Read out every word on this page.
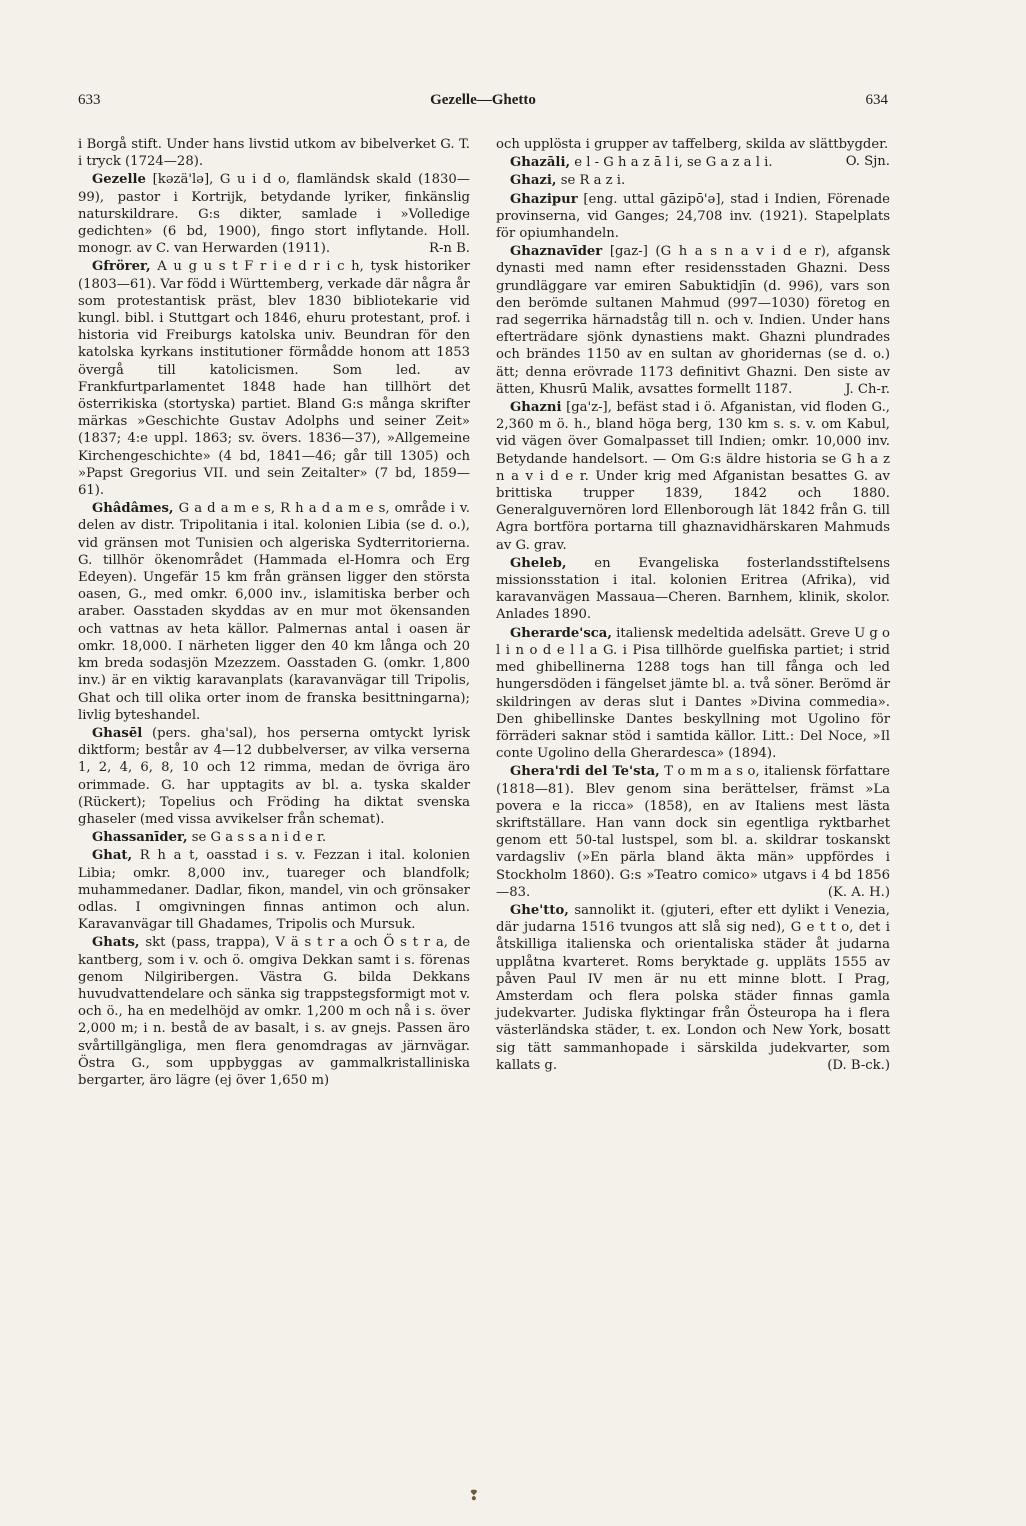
633	Gezelle—Ghetto	634

i Borgå stift. Under hans livstid utkom av bibelverket G. T. i tryck (1724—28).

Gezelle [kəzä'lə], G u i d o, flamländsk skald (1830—99), pastor i Kortrijk, betydande lyriker, finkänslig naturskildrare. G:s dikter, samlade i »Volledige gedichten» (6 bd, 1900), fingo stort inflytande. Holl. monogr. av C. van Herwarden (1911).	R-n B.

Gfrörer, A u g u s t F r i e d r i c h, tysk historiker (1803—61). Var född i Württemberg, verkade där några år som protestantisk präst, blev 1830 bibliotekarie vid kungl. bibl. i Stuttgart och 1846, ehuru protestant, prof. i historia vid Freiburgs katolska univ. Beundran för den katolska kyrkans institutioner förmådde honom att 1853 övergå till katolicismen. Som led. av Frankfurtparlamentet 1848 hade han tillhört det österrikiska (stortyska) partiet. Bland G:s många skrifter märkas »Geschichte Gustav Adolphs und seiner Zeit» (1837; 4:e uppl. 1863; sv. övers. 1836—37), »Allgemeine Kirchengeschichte» (4 bd, 1841—46; går till 1305) och »Papst Gregorius VII. und sein Zeitalter» (7 bd, 1859—61).

Ghâdâmes, G a d a m e s, R h a d a m e s, område i v. delen av distr. Tripolitania i ital. kolonien Libia (se d. o.), vid gränsen mot Tunisien och algeriska Sydterritorierna. G. tillhör ökenområdet (Hammada el-Homra och Erg Edeyen). Ungefär 15 km från gränsen ligger den största oasen, G., med omkr. 6,000 inv., islamitiska berber och araber. Oasstaden skyddas av en mur mot ökensanden och vattnas av heta källor. Palmernas antal i oasen är omkr. 18,000. I närheten ligger den 40 km långa och 20 km breda sodasjön Mzezzem. Oasstaden G. (omkr. 1,800 inv.) är en viktig karavanplats (karavanvägar till Tripolis, Ghat och till olika orter inom de franska besittningarna); livlig byteshandel.

Ghasēl (pers. gha'sal), hos perserna omtyckt lyrisk diktform; består av 4—12 dubbelverser, av vilka verserna 1, 2, 4, 6, 8, 10 och 12 rimma, medan de övriga äro orimmade. G. har upptagits av bl. a. tyska skalder (Rückert); Topelius och Fröding ha diktat svenska ghaseler (med vissa avvikelser från schemat).

Ghassanīder, se G a s s a n i d e r.

Ghat, R h a t, oasstad i s. v. Fezzan i ital. kolonien Libia; omkr. 8,000 inv., tuareger och blandfolk; muhammedaner. Dadlar, fikon, mandel, vin och grönsaker odlas. I omgivningen finnas antimon och alun. Karavanvägar till Ghadames, Tripolis och Mursuk.

Ghats, skt (pass, trappa), V ä s t r a och Ö s t r a, de kantberg, som i v. och ö. omgiva Dekkan samt i s. förenas genom Nilgiribergen. Västra G. bilda Dekkans huvudvattendelare och sänka sig trappstegsformigt mot v. och ö., ha en medelhöjd av omkr. 1,200 m och nå i s. över 2,000 m; i n. bestå de av basalt, i s. av gnejs. Passen äro svårtillgängliga, men flera genomdragas av järnvägar. Östra G., som uppbyggas av gammalkristalliniska bergarter, äro lägre (ej över 1,650 m)

och upplösta i grupper av taffelberg, skilda av slättbygder.
O. Sjn.

Ghazāli, e l - G h a z ā l i, se G a z a l i.

Ghazi, se R a z i.

Ghazipur [eng. uttal gāzipō'ə], stad i Indien, Förenade provinserna, vid Ganges; 24,708 inv. (1921). Stapelplats för opiumhandeln.

Ghaznavīder [gaz-] (G h a s n a v i d e r), afgansk dynasti med namn efter residensstaden Ghazni. Dess grundläggare var emiren Sabuktidjīn (d. 996), vars son den berömde sultanen Mahmud (997—1030) företog en rad segerrika härnadståg till n. och v. Indien. Under hans efterträdare sjönk dynastiens makt. Ghazni plundrades och brändes 1150 av en sultan av ghoridernas (se d. o.) ätt; denna erövrade 1173 definitivt Ghazni. Den siste av ätten, Khusrū Malik, avsattes formellt 1187.	J. Ch-r.

Ghazni [ga'z-], befäst stad i ö. Afganistan, vid floden G., 2,360 m ö. h., bland höga berg, 130 km s. s. v. om Kabul, vid vägen över Gomalpasset till Indien; omkr. 10,000 inv. Betydande handelsort. — Om G:s äldre historia se G h a z n a v i d e r. Under krig med Afganistan besattes G. av brittiska trupper 1839, 1842 och 1880. Generalguvernören lord Ellenborough lät 1842 från G. till Agra bortföra portarna till ghaznavidhärskaren Mahmuds av G. grav.

Gheleb, en Evangeliska fosterlandsstiftelsens missionsstation i ital. kolonien Eritrea (Afrika), vid karavanvägen Massaua—Cheren. Barnhem, klinik, skolor. Anlades 1890.

Gherarde'sca, italiensk medeltida adelsätt. Greve U g o l i n o d e l l a G. i Pisa tillhörde guelfiska partiet; i strid med ghibellinerna 1288 togs han till fånga och led hungersdöden i fängelset jämte bl. a. två söner. Berömd är skildringen av deras slut i Dantes »Divina commedia». Den ghibellinske Dantes beskyllning mot Ugolino för förräderi saknar stöd i samtida källor. Litt.: Del Noce, »Il conte Ugolino della Gherardesca» (1894).

Ghera'rdi del Te'sta, T o m m a s o, italiensk författare (1818—81). Blev genom sina berättelser, främst »La povera e la ricca» (1858), en av Italiens mest lästa skriftställare. Han vann dock sin egentliga ryktbarhet genom ett 50-tal lustspel, som bl. a. skildrar toskanskt vardagsliv (»En pärla bland äkta män» uppfördes i Stockholm 1860). G:s »Teatro comico» utgavs i 4 bd 1856—83.	(K. A. H.)

Ghe'tto, sannolikt it. (gjuteri, efter ett dylikt i Venezia, där judarna 1516 tvungos att slå sig ned), G e t t o, det i åtskilliga italienska och orientaliska städer åt judarna upplåtna kvarteret. Roms beryktade g. uppläts 1555 av påven Paul IV men är nu ett minne blott. I Prag, Amsterdam och flera polska städer finnas gamla judekvarter. Judiska flyktingar från Östeuropa ha i flera västerländska städer, t. ex. London och New York, bosatt sig tätt sammanhopade i särskilda judekvarter, som kallats g.	(D. B-ck.)

❢
